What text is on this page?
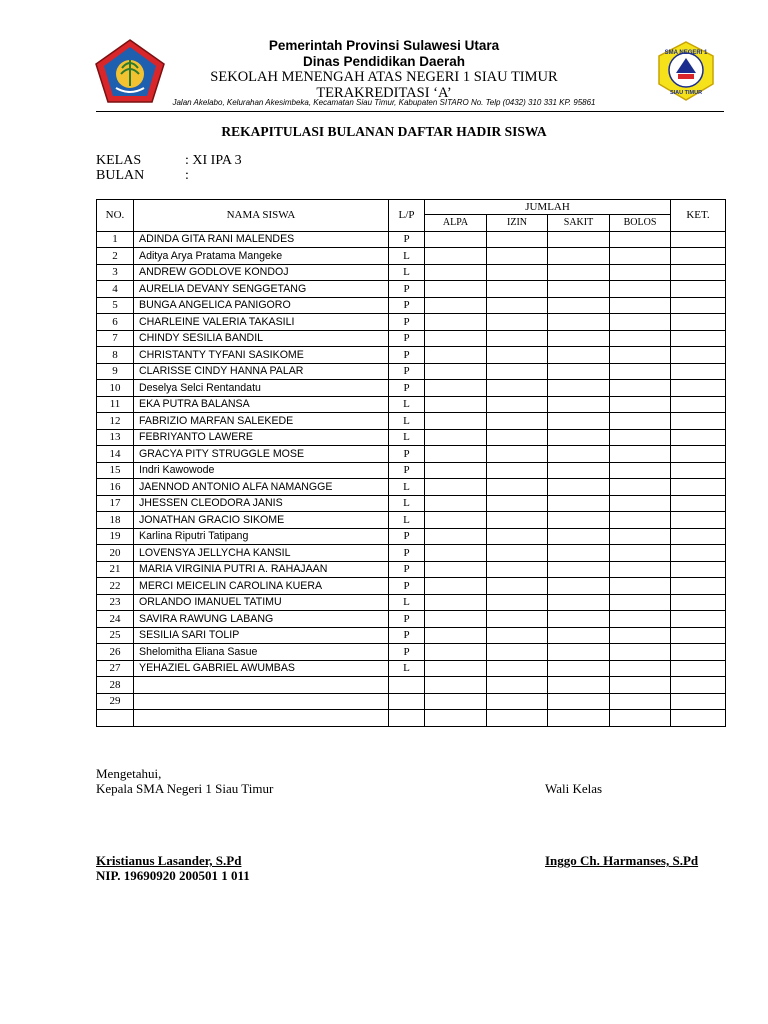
Pemerintah Provinsi Sulawesi Utara
Dinas Pendidikan Daerah
SEKOLAH MENENGAH ATAS NEGERI 1 SIAU TIMUR
TERAKREDITASI ‘A’
Jalan Akelabo, Kelurahan Akesimbeka, Kecamatan Siau Timur, Kabupaten SITARO No. Telp (0432) 310 331 KP. 95861
SMA NEGERI 1
SIAU TIMUR
REKAPITULASI BULANAN DAFTAR HADIR SISWA
KELAS	: XI IPA 3
BULAN	:
NO.	NAMA SISWA	L/P	JUMLAH				KET.
			ALPA	IZIN	SAKIT	BOLOS	
1	ADINDA GITA RANI MALENDES	P					
2	Aditya Arya Pratama Mangeke	L					
3	ANDREW GODLOVE KONDOJ	L					
4	AURELIA DEVANY SENGGETANG	P					
5	BUNGA ANGELICA PANIGORO	P					
6	CHARLEINE VALERIA TAKASILI	P					
7	CHINDY SESILIA BANDIL	P					
8	CHRISTANTY TYFANI SASIKOME	P					
9	CLARISSE CINDY HANNA PALAR	P					
10	Deselya Selci Rentandatu	P					
11	EKA PUTRA BALANSA	L					
12	FABRIZIO MARFAN SALEKEDE	L					
13	FEBRIYANTO LAWERE	L					
14	GRACYA PITY STRUGGLE MOSE	P					
15	Indri Kawowode	P					
16	JAENNOD ANTONIO ALFA NAMANGGE	L					
17	JHESSEN CLEODORA JANIS	L					
18	JONATHAN GRACIO SIKOME	L					
19	Karlina Riputri Tatipang	P					
20	LOVENSYA JELLYCHA KANSIL	P					
21	MARIA VIRGINIA PUTRI A. RAHAJAAN	P					
22	MERCI MEICELIN CAROLINA KUERA	P					
23	ORLANDO IMANUEL TATIMU	L					
24	SAVIRA RAWUNG LABANG	P					
25	SESILIA SARI TOLIP	P					
26	Shelomitha Eliana Sasue	P					
27	YEHAZIEL GABRIEL AWUMBAS	L					
28							
29							

Mengetahui,
Kepala SMA Negeri 1 Siau Timur	Wali Kelas
Kristianus Lasander, S.Pd
NIP. 19690920 200501 1 011
Inggo Ch. Harmanses, S.Pd
